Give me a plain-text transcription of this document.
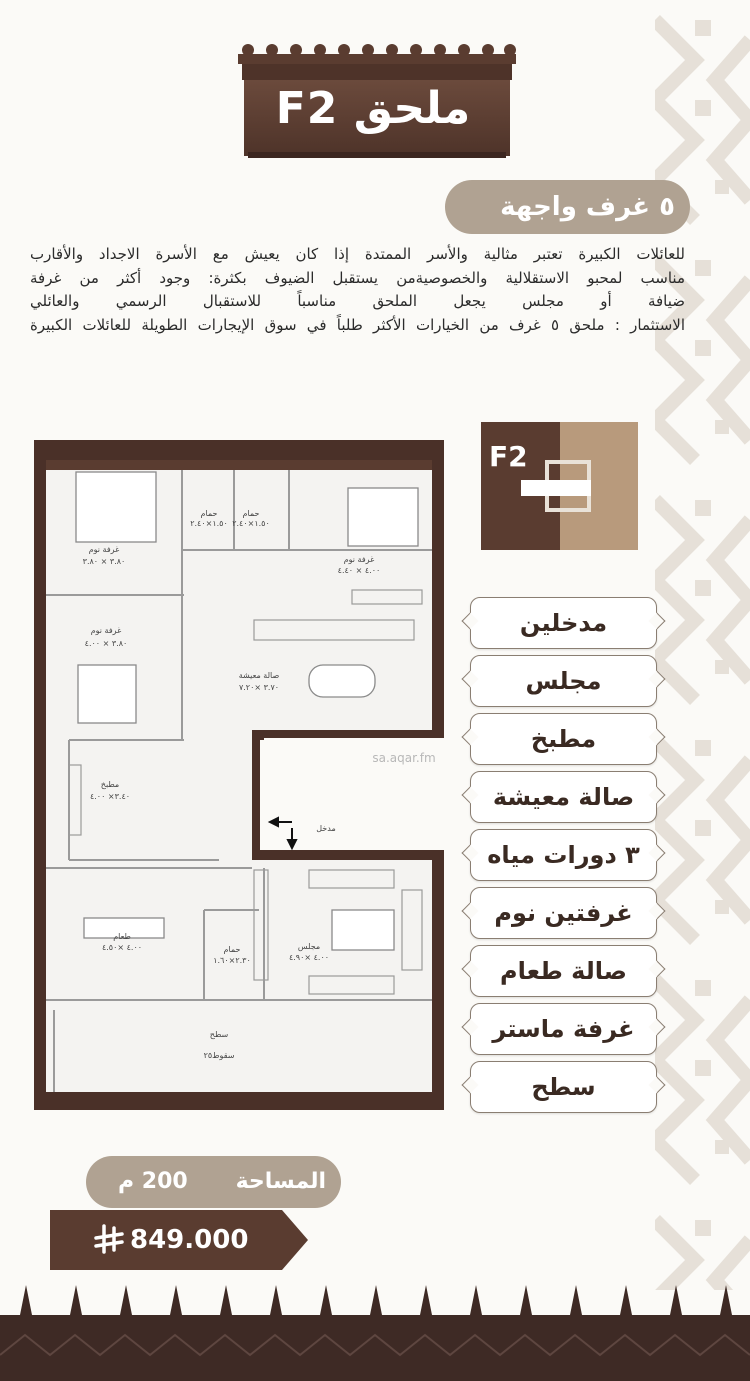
ملحق F2
٥ غرف واجهة

للعائلات الكبيرة تعتبر مثالية والأسر الممتدة إذا كان يعيش مع الأسرة الاجداد والأقارب

مناسب لمحبو الاستقلالية والخصوصيةمن يستقبل الضيوف بكثرة: وجود أكثر من غرفة

ضيافة أو مجلس يجعل الملحق مناسباً للاستقبال الرسمي والعائلي

الاستثمار : ملحق ٥ غرف من الخيارات الأكثر طلباً في سوق الإيجارات الطويلة للعائلات الكبيرة

حمام
١.٥٠×٢.٤٠
حمام
١.٥٠×٢.٤٠
غرفة نوم
٤.٠٠ × ٤.٤٠
غرفة نوم
٣.٨٠ × ٣.٨٠
غرفة نوم
٣.٨٠ × ٤.٠٠
صالة معيشة
٣.٧٠ ×٧.٢٠
مطبخ
٣.٤٠× ٤.٠٠
مدخل
طعام
٤.٠٠ ×٤.٥٠	حمام
٢.٣٠×١.٦٠
مجلس
٤.٠٠ ×٤.٩٠
سطح
سقوط٢٥
sa.aqar.fm
F2
مدخلين
مجلس
مطبخ
صالة معيشة
٣ دورات مياه
غرفتين نوم
صالة طعام
غرفة ماستر
سطح
المساحة
200 م
849.000
